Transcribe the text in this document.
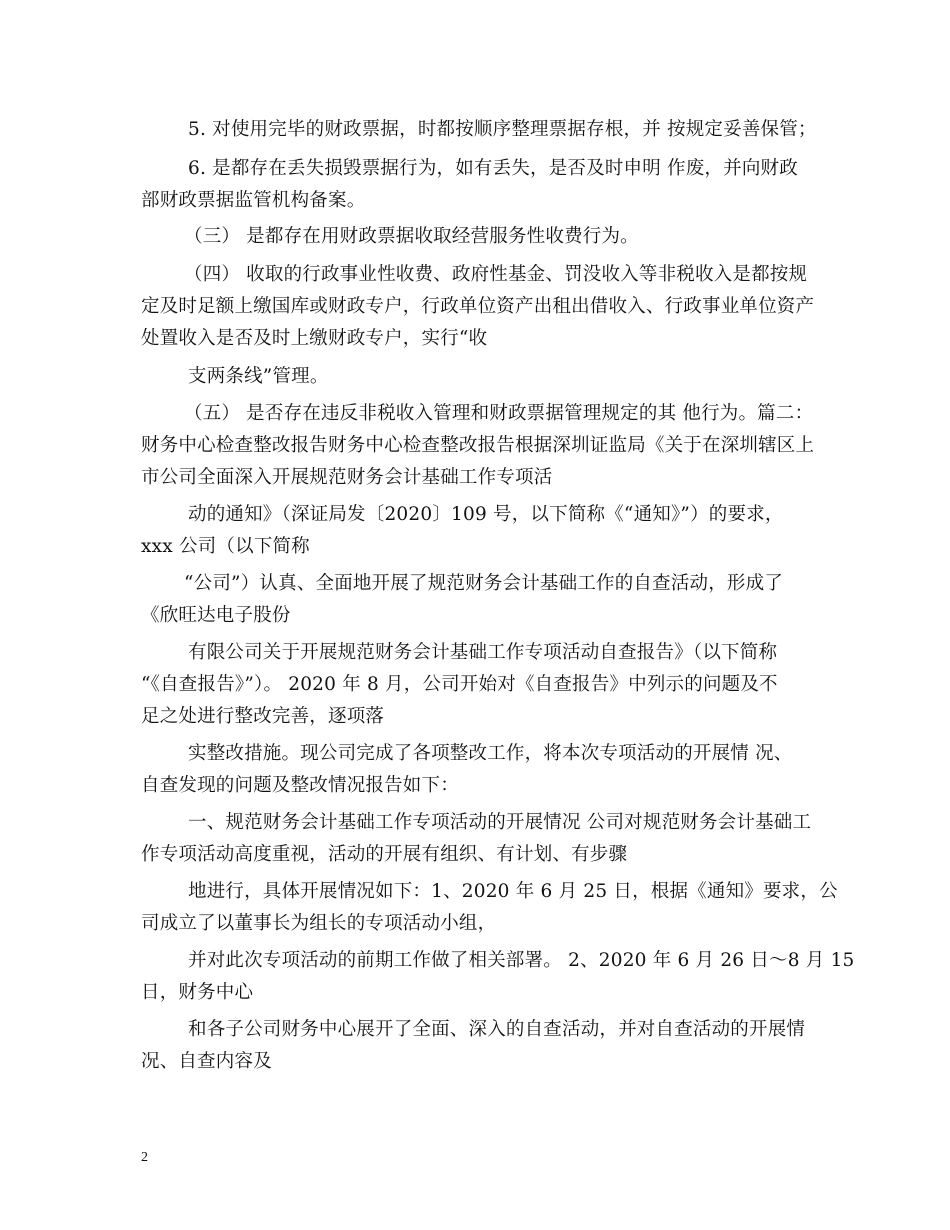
5. 对使用完毕的财政票据，时都按顺序整理票据存根，并 按规定妥善保管；
6. 是都存在丢失损毁票据行为，如有丢失，是否及时申明 作废，并向财政
部财政票据监管机构备案。
（三） 是都存在用财政票据收取经营服务性收费行为。
（四） 收取的行政事业性收费、政府性基金、罚没收入等非税收入是都按规
定及时足额上缴国库或财政专户，行政单位资产出租出借收入、行政事业单位资产
处置收入是否及时上缴财政专户，实行“收
支两条线”管理。
（五） 是否存在违反非税收入管理和财政票据管理规定的其 他行为。篇二：
财务中心检查整改报告财务中心检查整改报告根据深圳证监局《关于在深圳辖区上
市公司全面深入开展规范财务会计基础工作专项活
动的通知》（深证局发〔2020〕109 号，以下简称《“通知》”）的要求，
xxx 公司（以下简称
“公司”）认真、全面地开展了规范财务会计基础工作的自查活动，形成了
《欣旺达电子股份
有限公司关于开展规范财务会计基础工作专项活动自查报告》（以下简称
“《自查报告》”）。 2020 年 8 月，公司开始对《自查报告》中列示的问题及不
足之处进行整改完善，逐项落
实整改措施。现公司完成了各项整改工作，将本次专项活动的开展情 况、
自查发现的问题及整改情况报告如下：
一、规范财务会计基础工作专项活动的开展情况 公司对规范财务会计基础工
作专项活动高度重视，活动的开展有组织、有计划、有步骤
地进行，具体开展情况如下：1、2020 年 6 月 25 日，根据《通知》要求，公
司成立了以董事长为组长的专项活动小组，
并对此次专项活动的前期工作做了相关部署。 2、2020 年 6 月 26 日～8 月 15
日，财务中心
和各子公司财务中心展开了全面、深入的自查活动，并对自查活动的开展情
况、自查内容及
2
